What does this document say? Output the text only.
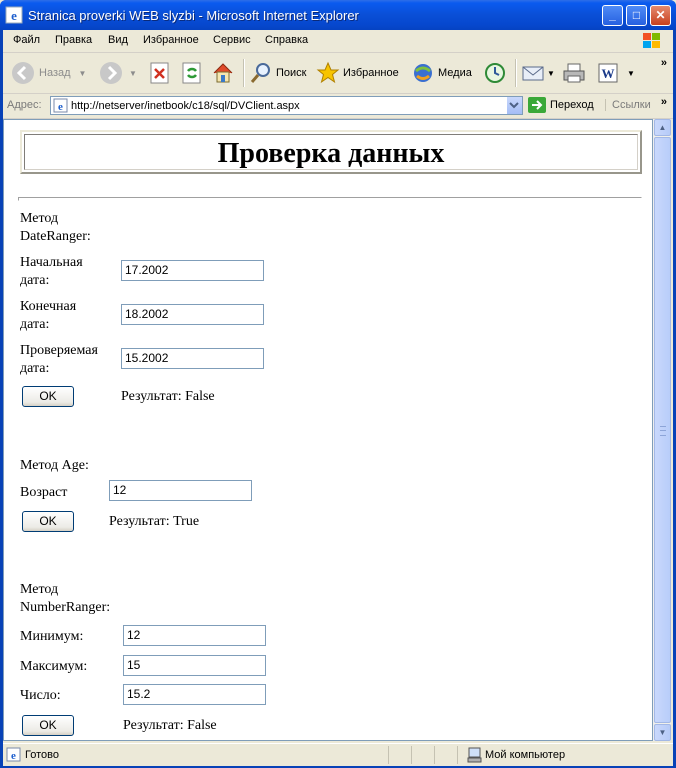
e Stranica proverki WEB slyzbi - Microsoft Internet Explorer	_	□	✕
Файл Правка Вид Избранное Сервис Справка
Назад ▼	▼	Поиск	Избранное	Медиа	▼	W ▼
»
Адрес: e http://netserver/inetbook/c18/sql/DVClient.aspx	Переход	Ссылки »
Проверка данных
Метод
DateRanger:
Начальная
дата:
17.2002
Конечная
дата:
18.2002
Проверяемая
дата:
15.2002
OK	Результат: False
Метод Age:
Возраст	12
OK	Результат: True
Метод
NumberRanger:
Минимум:	12
Максимум:	15
Число:	15.2
OK	Результат: False
▲
▼
e Готово	Мой компьютер
